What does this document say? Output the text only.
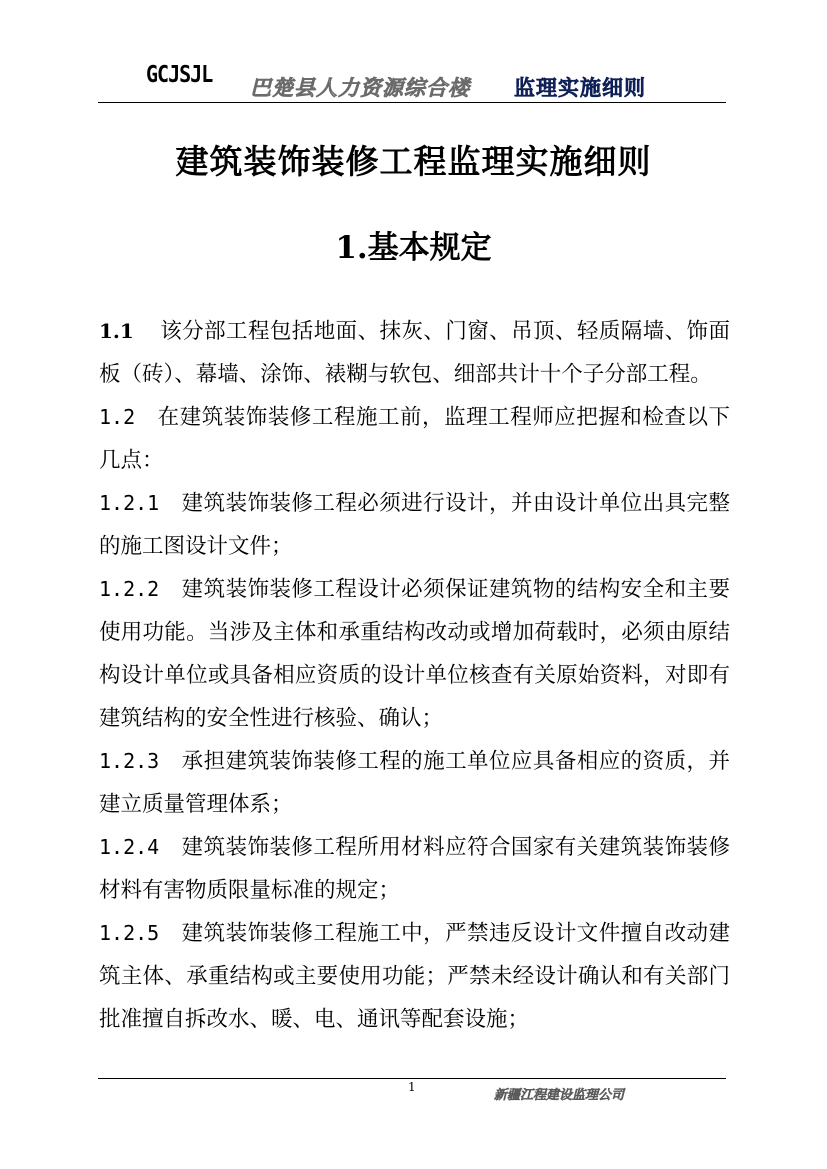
GCJSJL
巴楚县人力资源综合楼 监理实施细则
建筑装饰装修工程监理实施细则
1.基本规定

1.1 该分部工程包括地面、抹灰、门窗、吊顶、轻质隔墙、饰面板（砖）、幕墙、涂饰、裱糊与软包、细部共计十个子分部工程。

1.2 在建筑装饰装修工程施工前，监理工程师应把握和检查以下几点：

1.2.1 建筑装饰装修工程必须进行设计，并由设计单位出具完整的施工图设计文件；

1.2.2 建筑装饰装修工程设计必须保证建筑物的结构安全和主要使用功能。当涉及主体和承重结构改动或增加荷载时，必须由原结构设计单位或具备相应资质的设计单位核查有关原始资料，对即有建筑结构的安全性进行核验、确认；

1.2.3 承担建筑装饰装修工程的施工单位应具备相应的资质，并建立质量管理体系；

1.2.4 建筑装饰装修工程所用材料应符合国家有关建筑装饰装修材料有害物质限量标准的规定；

1.2.5 建筑装饰装修工程施工中，严禁违反设计文件擅自改动建筑主体、承重结构或主要使用功能；严禁未经设计确认和有关部门批准擅自拆改水、暖、电、通讯等配套设施；

1
新疆江程建设监理公司
